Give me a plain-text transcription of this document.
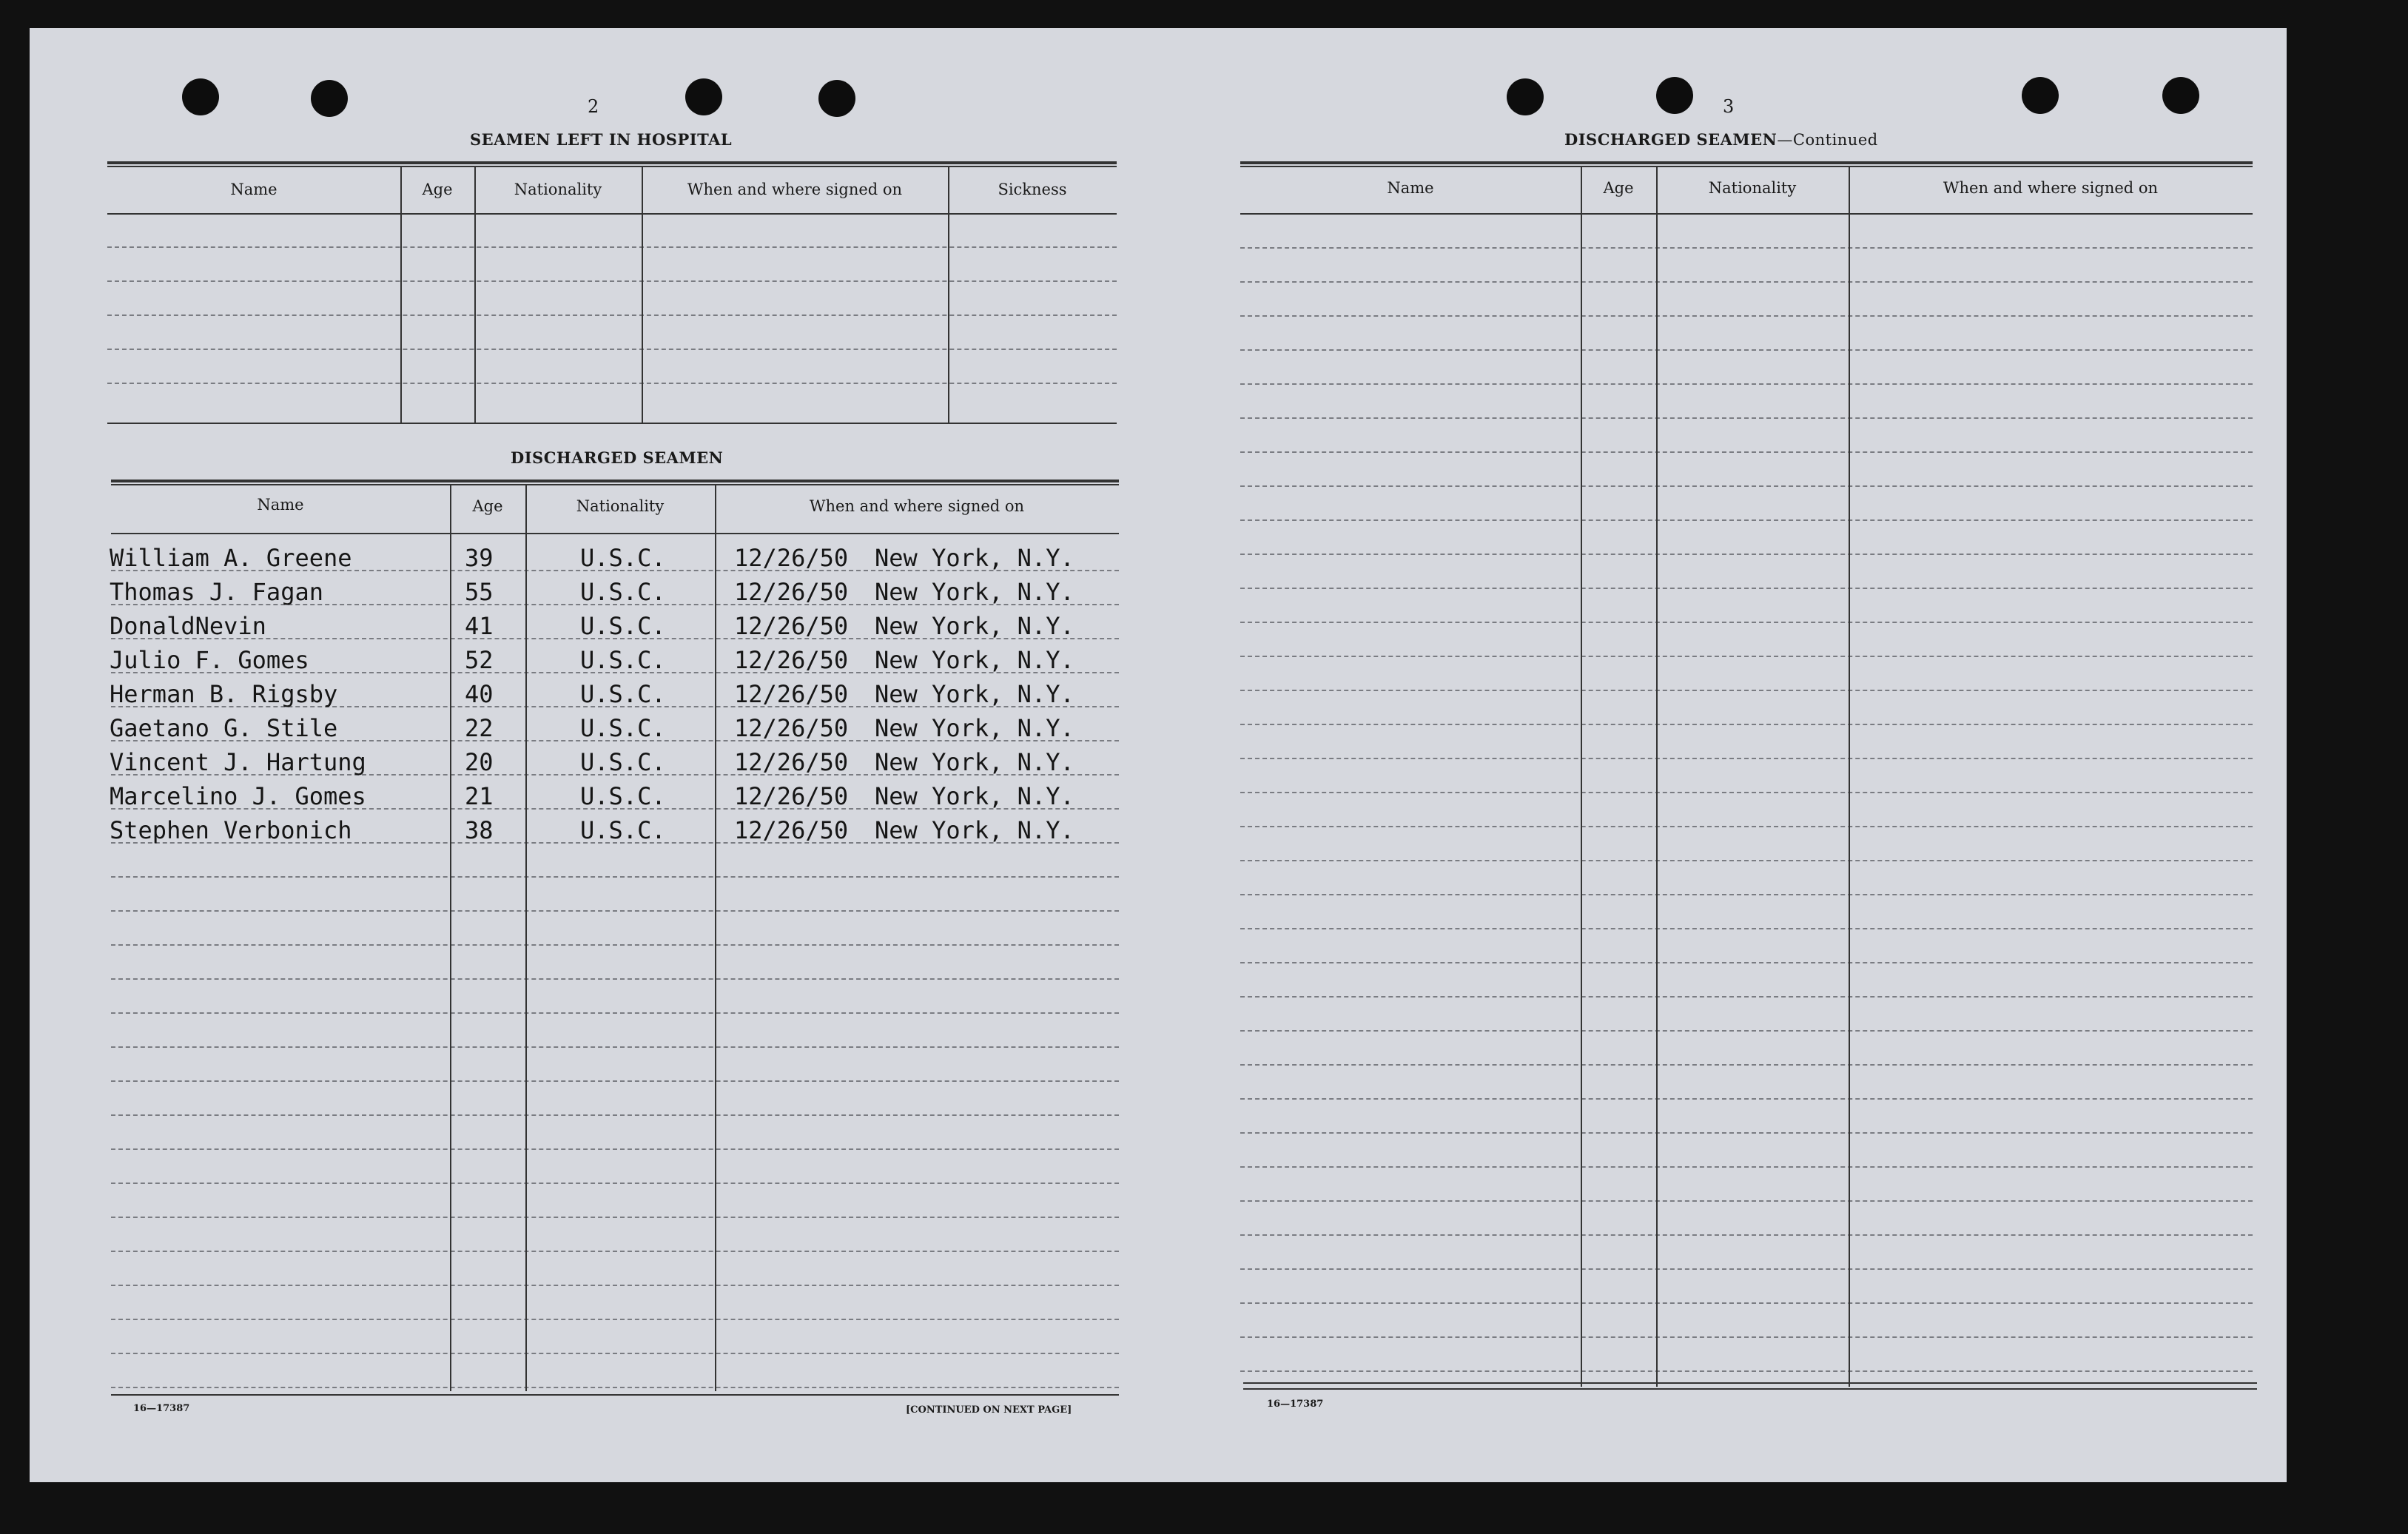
2
SEAMEN LEFT IN HOSPITAL
Name	Age	Nationality	When and where signed on	Sickness
DISCHARGED SEAMEN
Name	Age	Nationality	When and where signed on
William A. Greene	39	U.S.C.	12/26/50 New York, N.Y.
Thomas J. Fagan	55	U.S.C.	12/26/50 New York, N.Y.
DonaldNevin	41	U.S.C.	12/26/50 New York, N.Y.
Julio F. Gomes	52	U.S.C.	12/26/50 New York, N.Y.
Herman B. Rigsby	40	U.S.C.	12/26/50 New York, N.Y.
Gaetano G. Stile	22	U.S.C.	12/26/50 New York, N.Y.
Vincent J. Hartung	20	U.S.C.	12/26/50 New York, N.Y.
Marcelino J. Gomes	21	U.S.C.	12/26/50 New York, N.Y.
Stephen Verbonich	38	U.S.C.	12/26/50 New York, N.Y.
16—17387	[CONTINUED ON NEXT PAGE]
3
DISCHARGED SEAMEN—Continued
Name	Age	Nationality	When and where signed on
16—17387
